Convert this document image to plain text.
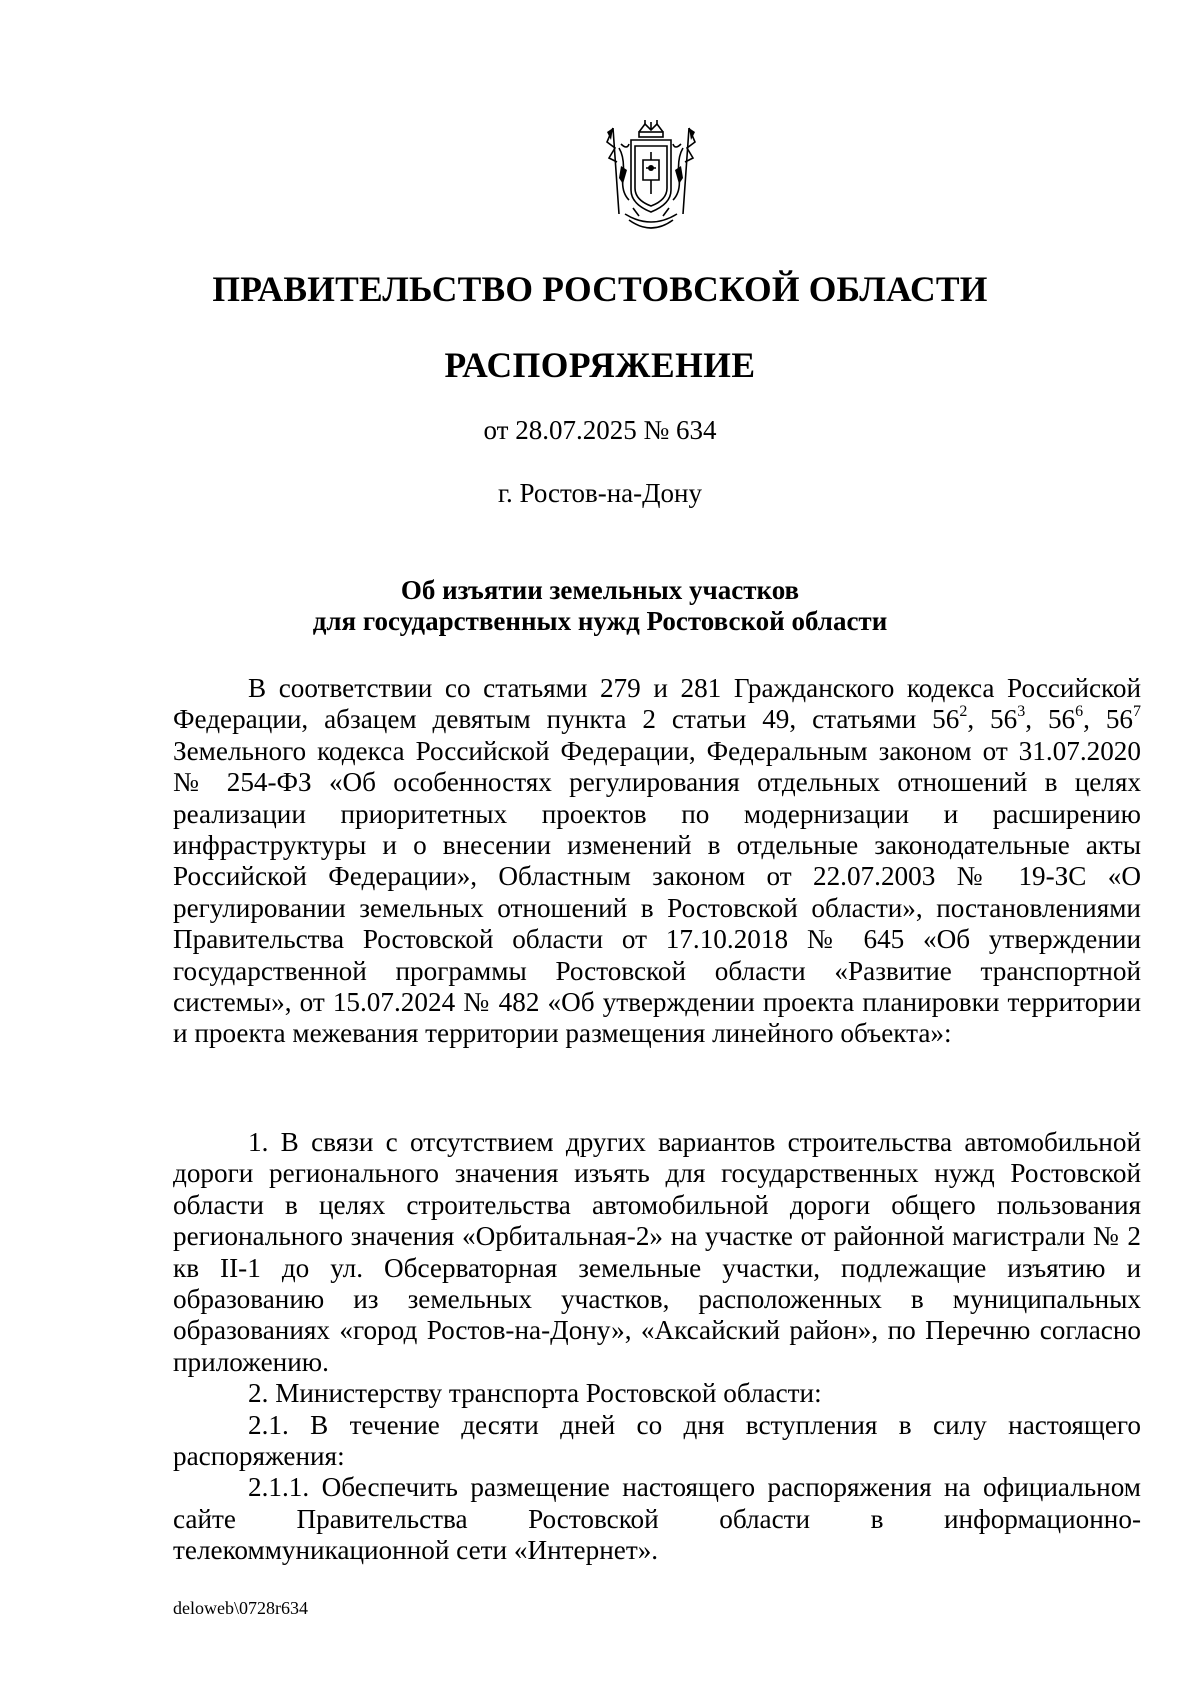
ПРАВИТЕЛЬСТВО РОСТОВСКОЙ ОБЛАСТИ
РАСПОРЯЖЕНИЕ
от 28.07.2025 № 634
г. Ростов-на-Дону
Об изъятии земельных участков
для государственных нужд Ростовской области

В соответствии со статьями 279 и 281 Гражданского кодекса Российской Федерации, абзацем девятым пункта 2 статьи 49, статьями $56^2$, $56^3$, $56^6$, $56^7$ Земельного кодекса Российской Федерации, Федеральным законом от 31.07.2020 № 254-ФЗ «Об особенностях регулирования отдельных отношений в целях реализации приоритетных проектов по модернизации и расширению инфраструктуры и о внесении изменений в отдельные законодательные акты Российской Федерации», Областным законом от 22.07.2003 № 19-ЗС «О регулировании земельных отношений в Ростовской области», постановлениями Правительства Ростовской области от 17.10.2018 № 645 «Об утверждении государственной программы Ростовской области «Развитие транспортной системы», от 15.07.2024 № 482 «Об утверждении проекта планировки территории и проекта межевания территории размещения линейного объекта»:

1. В связи с отсутствием других вариантов строительства автомобильной дороги регионального значения изъять для государственных нужд Ростовской области в целях строительства автомобильной дороги общего пользования регионального значения «Орбитальная-2» на участке от районной магистрали № 2 кв II-1 до ул. Обсерваторная земельные участки, подлежащие изъятию и образованию из земельных участков, расположенных в муниципальных образованиях «город Ростов-на-Дону», «Аксайский район», по Перечню согласно приложению.

2. Министерству транспорта Ростовской области:

2.1. В течение десяти дней со дня вступления в силу настоящего распоряжения:

2.1.1. Обеспечить размещение настоящего распоряжения на официальном сайте Правительства Ростовской области в информационно-телекоммуникационной сети «Интернет».

deloweb\0728r634
